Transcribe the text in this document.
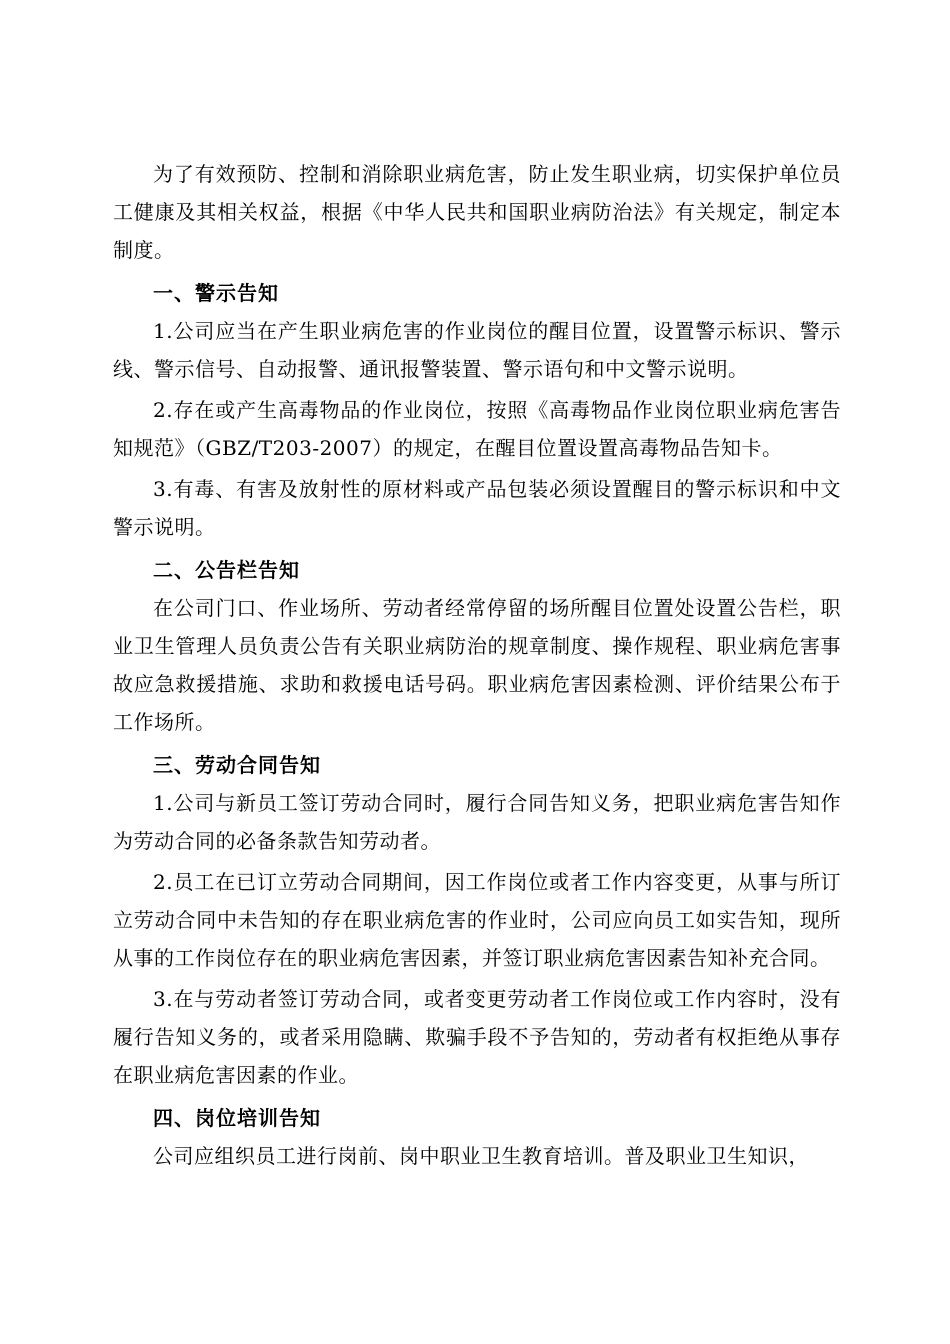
为了有效预防、控制和消除职业病危害，防止发生职业病，切实保护单位员工健康及其相关权益，根据《中华人民共和国职业病防治法》有关规定，制定本制度。

一、警示告知

1.公司应当在产生职业病危害的作业岗位的醒目位置，设置警示标识、警示线、警示信号、自动报警、通讯报警装置、警示语句和中文警示说明。

2.存在或产生高毒物品的作业岗位，按照《高毒物品作业岗位职业病危害告知规范》（GBZ/T203-2007）的规定，在醒目位置设置高毒物品告知卡。

3.有毒、有害及放射性的原材料或产品包装必须设置醒目的警示标识和中文警示说明。

二、公告栏告知

在公司门口、作业场所、劳动者经常停留的场所醒目位置处设置公告栏，职业卫生管理人员负责公告有关职业病防治的规章制度、操作规程、职业病危害事故应急救援措施、求助和救援电话号码。职业病危害因素检测、评价结果公布于工作场所。

三、劳动合同告知

1.公司与新员工签订劳动合同时，履行合同告知义务，把职业病危害告知作为劳动合同的必备条款告知劳动者。

2.员工在已订立劳动合同期间，因工作岗位或者工作内容变更，从事与所订立劳动合同中未告知的存在职业病危害的作业时，公司应向员工如实告知，现所从事的工作岗位存在的职业病危害因素，并签订职业病危害因素告知补充合同。

3.在与劳动者签订劳动合同，或者变更劳动者工作岗位或工作内容时，没有履行告知义务的，或者采用隐瞒、欺骗手段不予告知的，劳动者有权拒绝从事存在职业病危害因素的作业。

四、岗位培训告知

公司应组织员工进行岗前、岗中职业卫生教育培训。普及职业卫生知识，
